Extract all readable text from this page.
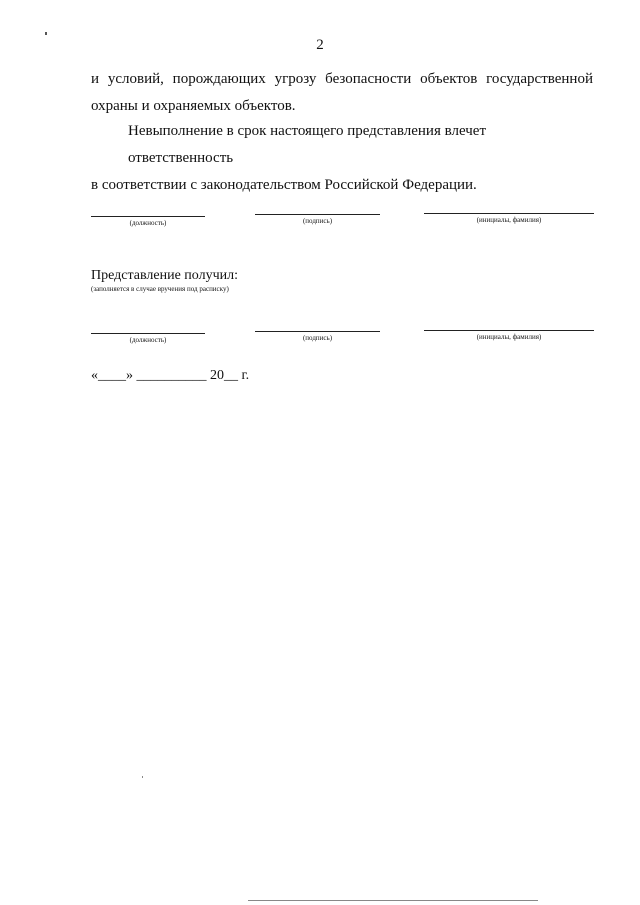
2
и условий, порождающих угрозу безопасности объектов государственной
охраны и охраняемых объектов.
Невыполнение в срок настоящего представления влечет ответственность
в соответствии с законодательством Российской Федерации.
(должность)	(подпись)	(инициалы, фамилия)
Представление получил:
(заполняется в случае вручения под расписку)
(должность)	(подпись)	(инициалы, фамилия)
«____» __________ 20__ г.
